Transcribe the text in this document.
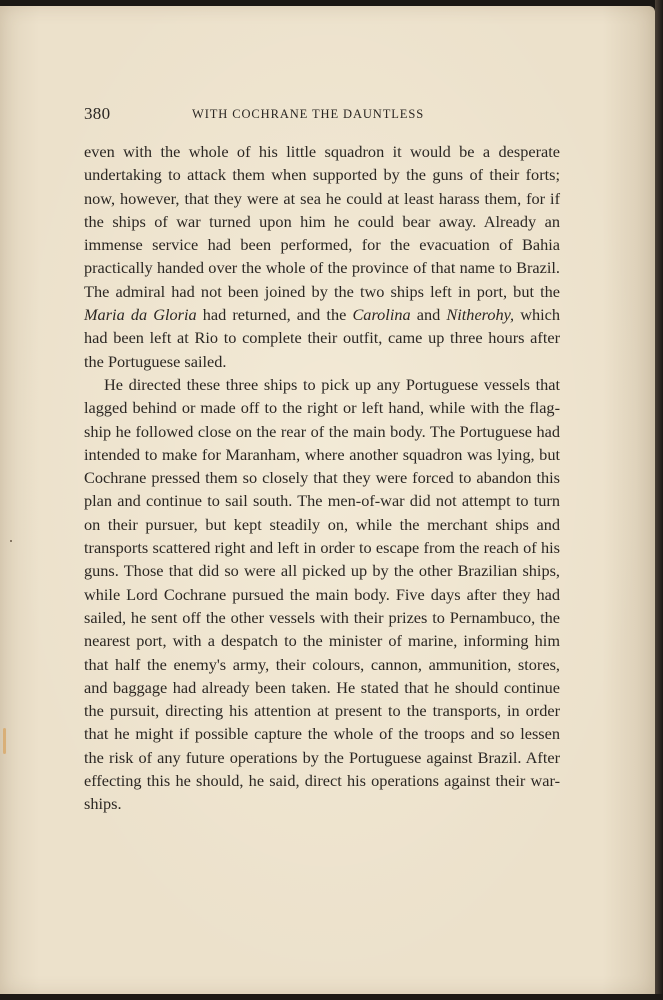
380	WITH COCHRANE THE DAUNTLESS

even with the whole of his little squadron it would be a desperate undertaking to attack them when supported by the guns of their forts; now, however, that they were at sea he could at least harass them, for if the ships of war turned upon him he could bear away. Already an immense service had been performed, for the evacuation of Bahia practically handed over the whole of the province of that name to Brazil. The admiral had not been joined by the two ships left in port, but the Maria da Gloria had returned, and the Carolina and Nitherohy, which had been left at Rio to complete their outfit, came up three hours after the Portuguese sailed.

He directed these three ships to pick up any Portuguese vessels that lagged behind or made off to the right or left hand, while with the flag-ship he followed close on the rear of the main body. The Portuguese had intended to make for Maranham, where another squadron was lying, but Cochrane pressed them so closely that they were forced to abandon this plan and continue to sail south. The men-of-war did not attempt to turn on their pursuer, but kept steadily on, while the merchant ships and transports scattered right and left in order to escape from the reach of his guns. Those that did so were all picked up by the other Brazilian ships, while Lord Cochrane pursued the main body. Five days after they had sailed, he sent off the other vessels with their prizes to Pernambuco, the nearest port, with a despatch to the minister of marine, informing him that half the enemy's army, their colours, cannon, ammunition, stores, and baggage had already been taken. He stated that he should continue the pursuit, directing his attention at present to the transports, in order that he might if possible capture the whole of the troops and so lessen the risk of any future operations by the Portuguese against Brazil. After effecting this he should, he said, direct his operations against their war-ships.
